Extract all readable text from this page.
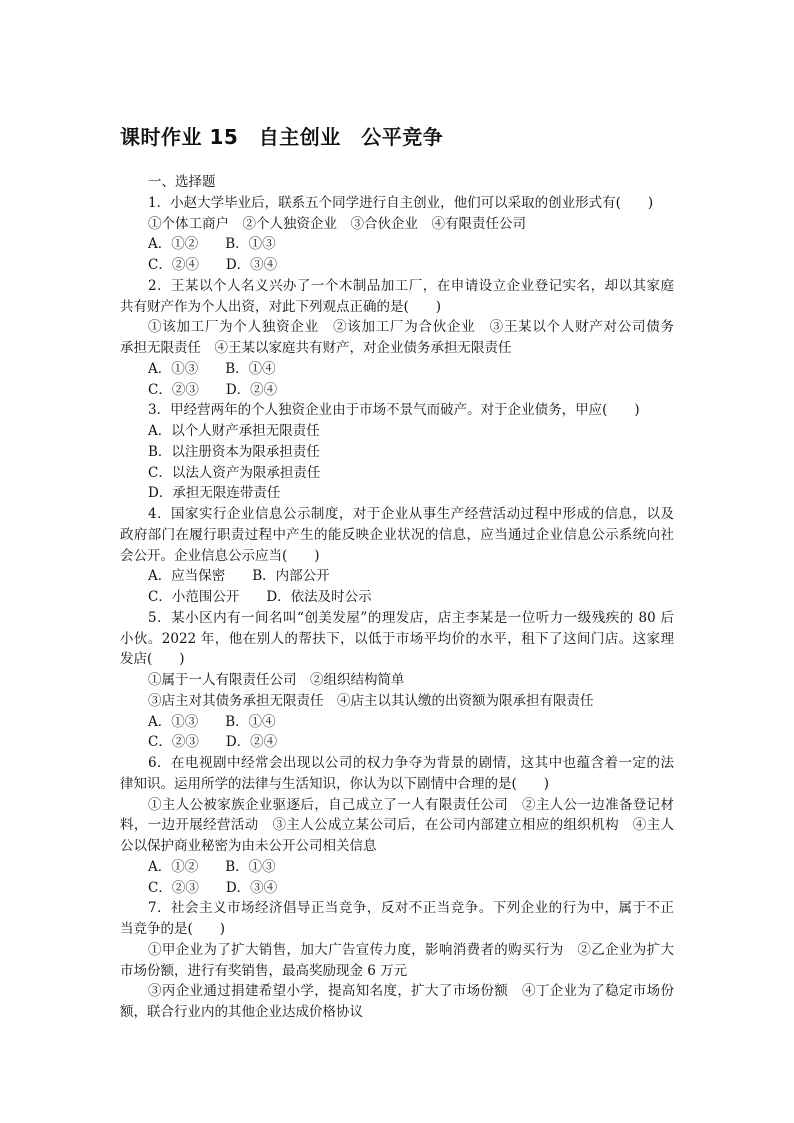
课时作业 15　自主创业　公平竞争
一、选择题
1．小赵大学毕业后，联系五个同学进行自主创业，他们可以采取的创业形式有(　　)
①个体工商户　②个人独资企业　③合伙企业　④有限责任公司
A．①②　　B．①③
C．②④　　D．③④
2．王某以个人名义兴办了一个木制品加工厂，在申请设立企业登记实名，却以其家庭
共有财产作为个人出资，对此下列观点正确的是(　　)
①该加工厂为个人独资企业　②该加工厂为合伙企业　③王某以个人财产对公司债务
承担无限责任　④王某以家庭共有财产，对企业债务承担无限责任
A．①③　　B．①④
C．②③　　D．②④
3．甲经营两年的个人独资企业由于市场不景气而破产。对于企业债务，甲应(　　)
A．以个人财产承担无限责任
B．以注册资本为限承担责任
C．以法人资产为限承担责任
D．承担无限连带责任
4．国家实行企业信息公示制度，对于企业从事生产经营活动过程中形成的信息，以及
政府部门在履行职责过程中产生的能反映企业状况的信息，应当通过企业信息公示系统向社
会公开。企业信息公示应当(　　)
A．应当保密　　B．内部公开
C．小范围公开　　D．依法及时公示
5．某小区内有一间名叫“创美发屋”的理发店，店主李某是一位听力一级残疾的 80 后
小伙。2022 年，他在别人的帮扶下，以低于市场平均价的水平，租下了这间门店。这家理
发店(　　)
①属于一人有限责任公司　②组织结构简单
③店主对其债务承担无限责任　④店主以其认缴的出资额为限承担有限责任
A．①③　　B．①④
C．②③　　D．②④
6．在电视剧中经常会出现以公司的权力争夺为背景的剧情，这其中也蕴含着一定的法
律知识。运用所学的法律与生活知识，你认为以下剧情中合理的是(　　)
①主人公被家族企业驱逐后，自己成立了一人有限责任公司　②主人公一边准备登记材
料，一边开展经营活动　③主人公成立某公司后，在公司内部建立相应的组织机构　④主人
公以保护商业秘密为由未公开公司相关信息
A．①②　　B．①③
C．②③　　D．③④
7．社会主义市场经济倡导正当竞争，反对不正当竞争。下列企业的行为中，属于不正
当竞争的是(　　)
①甲企业为了扩大销售，加大广告宣传力度，影响消费者的购买行为　②乙企业为扩大
市场份额，进行有奖销售，最高奖励现金 6 万元
③丙企业通过捐建希望小学，提高知名度，扩大了市场份额　④丁企业为了稳定市场份
额，联合行业内的其他企业达成价格协议
